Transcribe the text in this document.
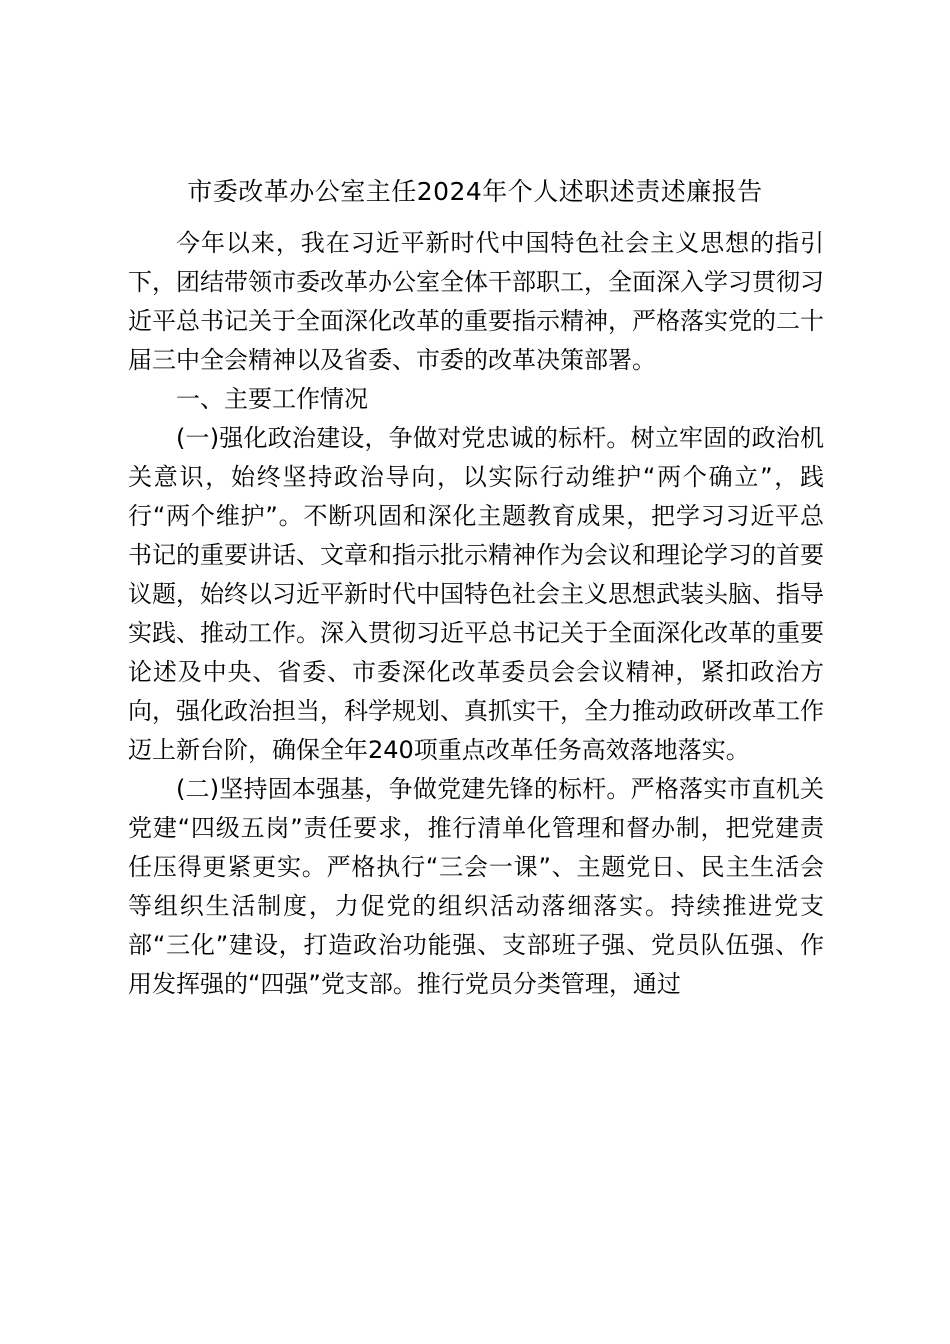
市委改革办公室主任2024年个人述职述责述廉报告

今年以来，我在习近平新时代中国特色社会主义思想的指引下，团结带领市委改革办公室全体干部职工，全面深入学习贯彻习近平总书记关于全面深化改革的重要指示精神，严格落实党的二十届三中全会精神以及省委、市委的改革决策部署。

一、主要工作情况

(一)强化政治建设，争做对党忠诚的标杆。树立牢固的政治机关意识，始终坚持政治导向，以实际行动维护“两个确立”，践行“两个维护”。不断巩固和深化主题教育成果，把学习习近平总书记的重要讲话、文章和指示批示精神作为会议和理论学习的首要议题，始终以习近平新时代中国特色社会主义思想武装头脑、指导实践、推动工作。深入贯彻习近平总书记关于全面深化改革的重要论述及中央、省委、市委深化改革委员会会议精神，紧扣政治方向，强化政治担当，科学规划、真抓实干，全力推动政研改革工作迈上新台阶，确保全年240项重点改革任务高效落地落实。

(二)坚持固本强基，争做党建先锋的标杆。严格落实市直机关党建“四级五岗”责任要求，推行清单化管理和督办制，把党建责任压得更紧更实。严格执行“三会一课”、主题党日、民主生活会等组织生活制度，力促党的组织活动落细落实。持续推进党支部“三化”建设，打造政治功能强、支部班子强、党员队伍强、作用发挥强的“四强”党支部。推行党员分类管理，通过
